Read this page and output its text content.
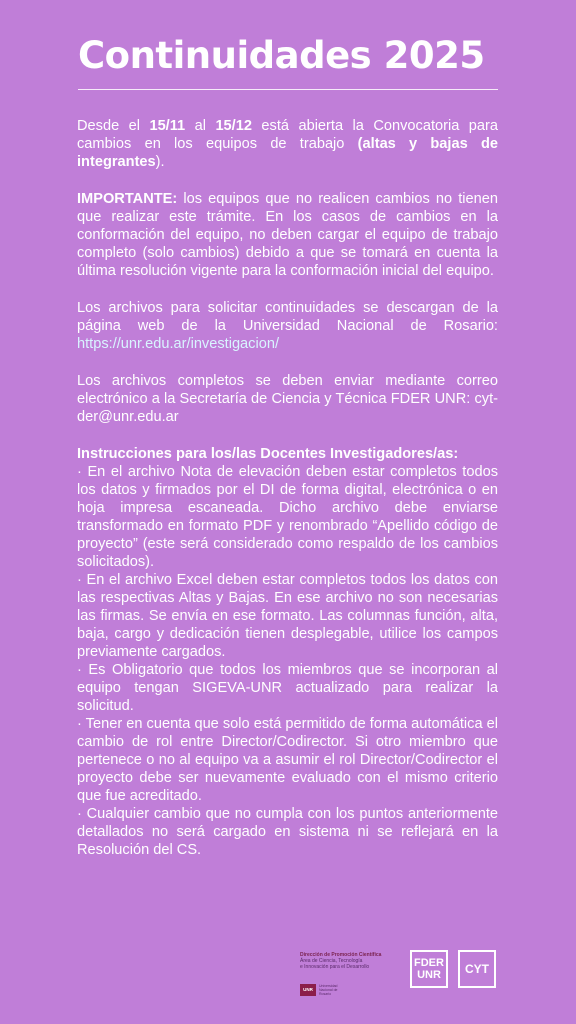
Continuidades 2025

Desde el 15/11 al 15/12 está abierta la Convocatoria para cambios en los equipos de trabajo (altas y bajas de integrantes).

IMPORTANTE: los equipos que no realicen cambios no tienen que realizar este trámite. En los casos de cambios en la conformación del equipo, no deben cargar el equipo de trabajo completo (solo cambios) debido a que se tomará en cuenta la última resolución vigente para la conformación inicial del equipo.

Los archivos para solicitar continuidades se descargan de la página web de la Universidad Nacional de Rosario: https://unr.edu.ar/investigacion/

Los archivos completos se deben enviar mediante correo electrónico a la Secretaría de Ciencia y Técnica FDER UNR: cyt-der@unr.edu.ar

Instrucciones para los/las Docentes Investigadores/as:

· En el archivo Nota de elevación deben estar completos todos los datos y firmados por el DI de forma digital, electrónica o en hoja impresa escaneada. Dicho archivo debe enviarse transformado en formato PDF y renombrado “Apellido código de proyecto” (este será considerado como respaldo de los cambios solicitados).

· En el archivo Excel deben estar completos todos los datos con las respectivas Altas y Bajas. En ese archivo no son necesarias las firmas. Se envía en ese formato. Las columnas función, alta, baja, cargo y dedicación tienen desplegable, utilice los campos previamente cargados.

· Es Obligatorio que todos los miembros que se incorporan al equipo tengan SIGEVA-UNR actualizado para realizar la solicitud.

· Tener en cuenta que solo está permitido de forma automática el cambio de rol entre Director/Codirector. Si otro miembro que pertenece o no al equipo va a asumir el rol Director/Codirector el proyecto debe ser nuevamente evaluado con el mismo criterio que fue acreditado.

· Cualquier cambio que no cumpla con los puntos anteriormente detallados no será cargado en sistema ni se reflejará en la Resolución del CS.

Dirección de Promoción Científica
Área de Ciencia, Tecnología
e Innovación para el Desarrollo
UNR
Universidad Nacional de Rosario
FDER
UNR CYT
